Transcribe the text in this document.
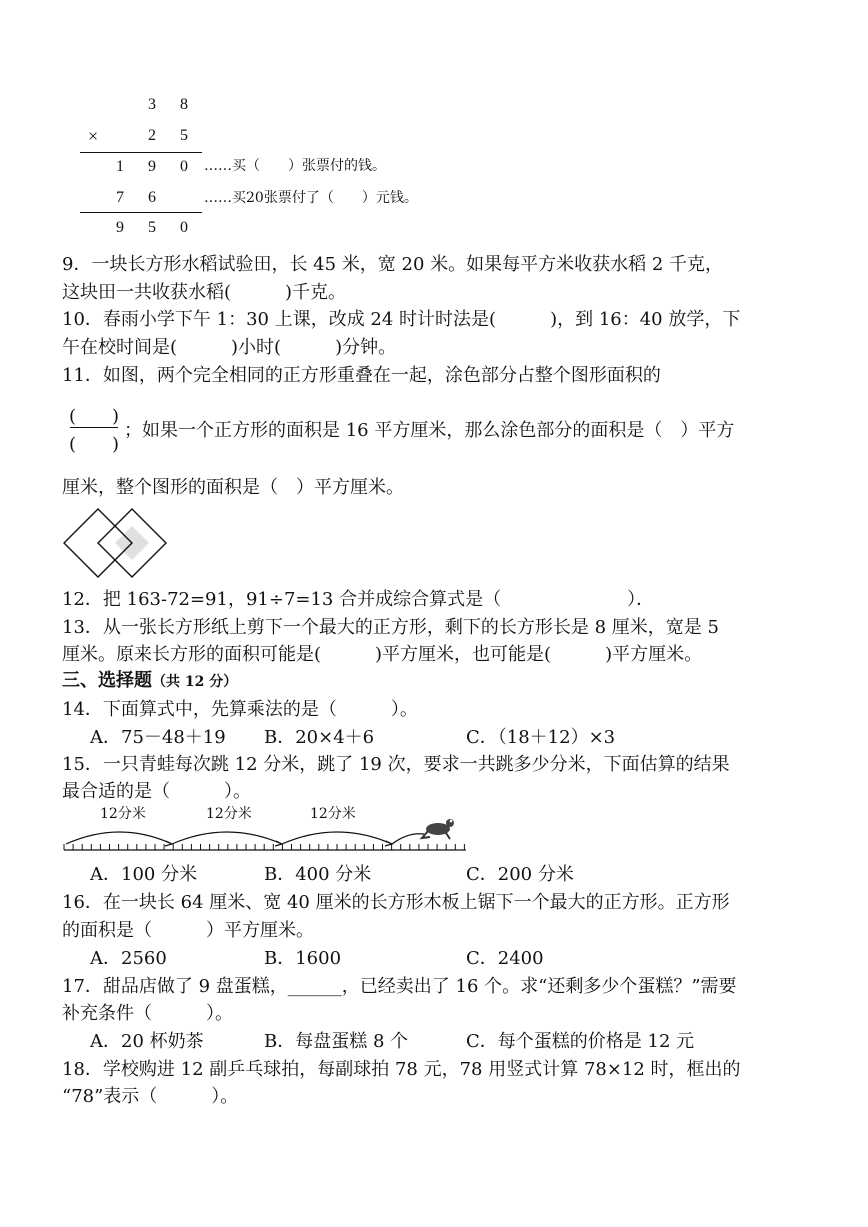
3 8
×	2 5
1 9 0 ……买（　　）张票付的钱。
7 6	……买20张票付了（　　）元钱。
9 5 0
9．一块长方形水稻试验田，长 45 米，宽 20 米。如果每平方米收获水稻 2 千克，
这块田一共收获水稻(　　　)千克。
10．春雨小学下午 1：30 上课，改成 24 时计时法是(　　　)，到 16：40 放学，下
午在校时间是(　　　)小时(　　　)分钟。
11．如图，两个完全相同的正方形重叠在一起，涂色部分占整个图形面积的
(　　)
(　　)
；如果一个正方形的面积是 16 平方厘米，那么涂色部分的面积是（　）平方
厘米，整个图形的面积是（　）平方厘米。
12．把 163-72=91，91÷7=13 合并成综合算式是（　　　　　　　）．
13．从一张长方形纸上剪下一个最大的正方形，剩下的长方形长是 8 厘米，宽是 5
厘米。原来长方形的面积可能是(　　　)平方厘米，也可能是(　　　)平方厘米。
三、选择题（共 12 分）
14．下面算式中，先算乘法的是（　　　）。
A．75－48＋19 B．20×4＋6	C．（18＋12）×3
15．一只青蛙每次跳 12 分米，跳了 19 次，要求一共跳多少分米，下面估算的结果
最合适的是（　　　）。
12分米	12分米	12分米
A．100 分米	B．400 分米	C．200 分米
16．在一块长 64 厘米、宽 40 厘米的长方形木板上锯下一个最大的正方形。正方形
的面积是（　　　）平方厘米。
A．2560	B．1600	C．2400
17．甜品店做了 9 盘蛋糕，______，已经卖出了 16 个。求“还剩多少个蛋糕？”需要
补充条件（　　　）。
A．20 杯奶茶	B．每盘蛋糕 8 个	C．每个蛋糕的价格是 12 元
18．学校购进 12 副乒乓球拍，每副球拍 78 元，78 用竖式计算 78×12 时，框出的
“78”表示（　　　）。
